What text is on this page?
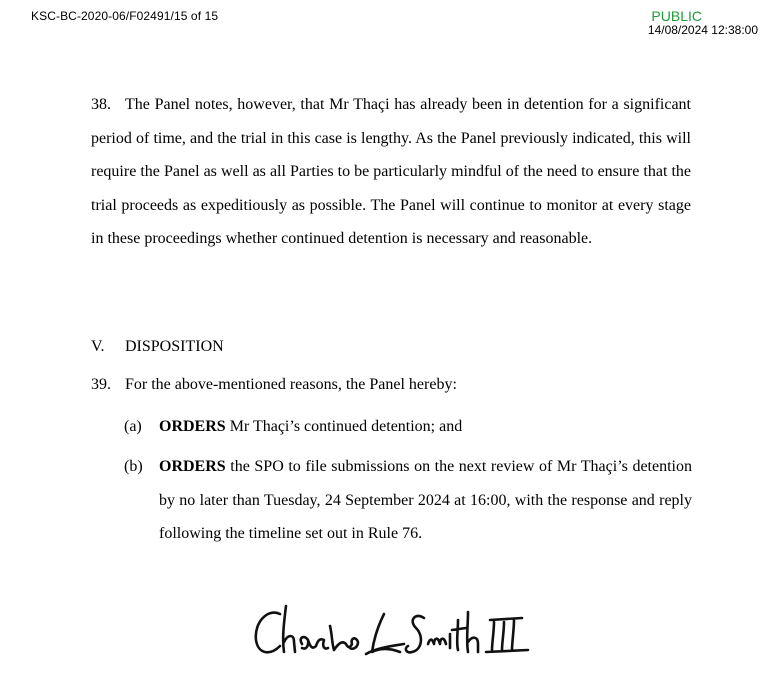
KSC-BC-2020-06/F02491/15 of 15	PUBLIC
14/08/2024 12:38:00

38. The Panel notes, however, that Mr Thaçi has already been in detention for a significant period of time, and the trial in this case is lengthy. As the Panel previously indicated, this will require the Panel as well as all Parties to be particularly mindful of the need to ensure that the trial proceeds as expeditiously as possible. The Panel will continue to monitor at every stage in these proceedings whether continued detention is necessary and reasonable.

V. DISPOSITION

39. For the above-mentioned reasons, the Panel hereby:

(a) ORDERS Mr Thaçi’s continued detention; and
(b) ORDERS the SPO to file submissions on the next review of Mr Thaçi’s detention by no later than Tuesday, 24 September 2024 at 16:00, with the response and reply following the timeline set out in Rule 76.
